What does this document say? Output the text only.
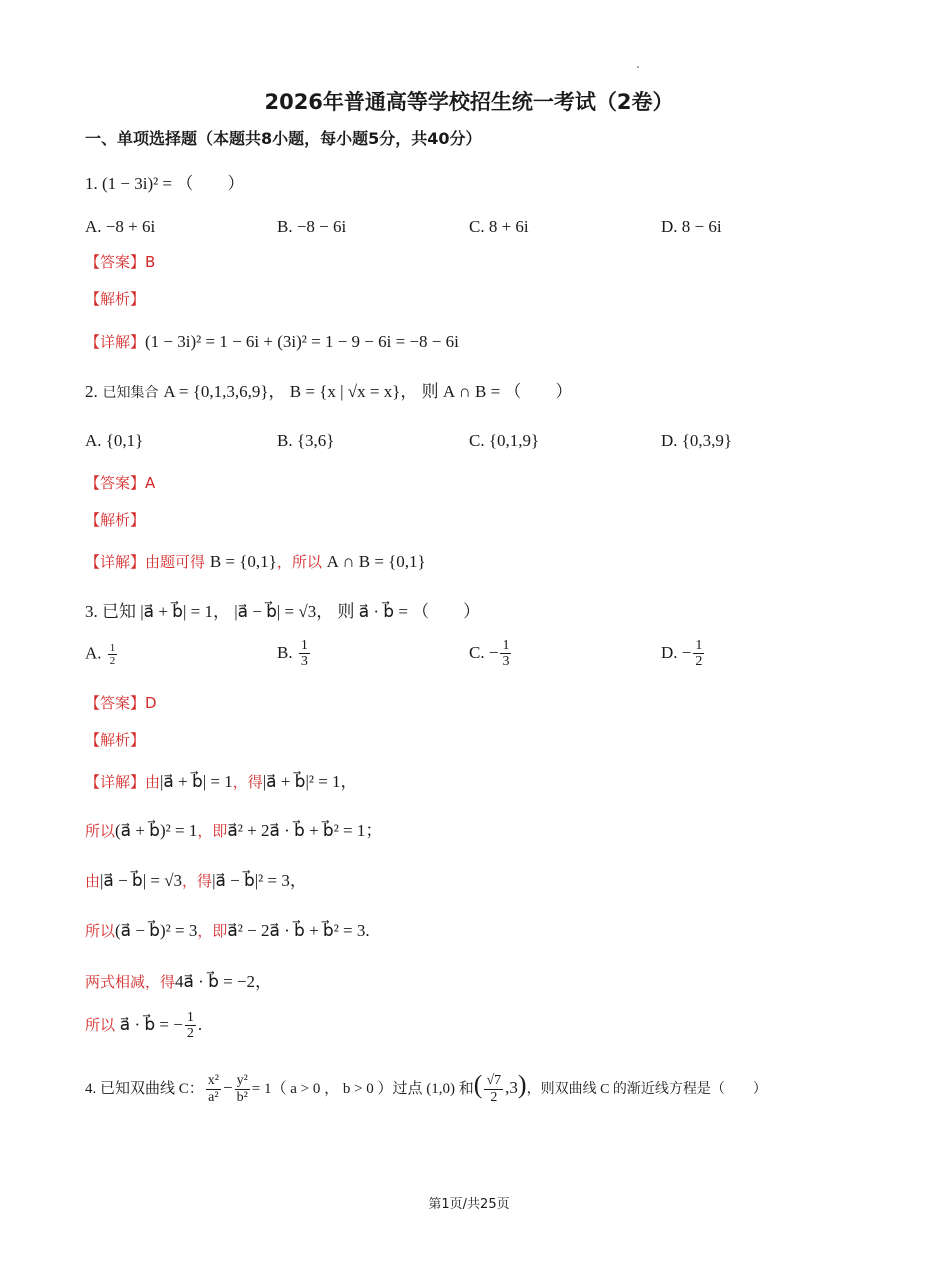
2026年普通高等学校招生统一考试（2卷）
一、单项选择题（本题共8小题，每小题5分，共40分）
1. (1 − 3i)² = （　　）
A. −8 + 6i	B. −8 − 6i	C. 8 + 6i	D. 8 − 6i
【答案】B
【解析】
【详解】(1 − 3i)² = 1 − 6i + (3i)² = 1 − 9 − 6i = −8 − 6i
2. 已知集合 A = {0,1,3,6,9}， B = {x | √x = x}， 则 A ∩ B = （　　）
A. {0,1}	B. {3,6}	C. {0,1,9}	D. {0,3,9}
【答案】A
【解析】
【详解】由题可得 B = {0,1}，所以 A ∩ B = {0,1}
3. 已知 |a⃗ + b⃗| = 1， |a⃗ − b⃗| = √3， 则 a⃗ · b⃗ = （　　）
A. $\frac{1}{2}$	B. $\frac{1}{3}$	C. − $\frac{1}{3}$	D. − $\frac{1}{2}$
【答案】D
【解析】
【详解】由|a⃗ + b⃗| = 1，得|a⃗ + b⃗|² = 1，
所以(a⃗ + b⃗)² = 1，即a⃗² + 2a⃗ · b⃗ + b⃗² = 1；
由|a⃗ − b⃗| = √3，得|a⃗ − b⃗|² = 3，
所以(a⃗ − b⃗)² = 3，即a⃗² − 2a⃗ · b⃗ + b⃗² = 3.
两式相减，得4a⃗ · b⃗ = −2，
所以 a⃗ · b⃗ = − $\frac{1}{2}$ .
4. 已知双曲线 C： $\frac{\text{x²}}{\text{a²}} - \frac{\text{y²}}{\text{b²}} = 1$（ a > 0 ， b > 0 ）过点 (1,0) 和( $\frac{√7}{2} ,3$)，则双曲线 C 的渐近线方程是（　　）
第1页/共25页
